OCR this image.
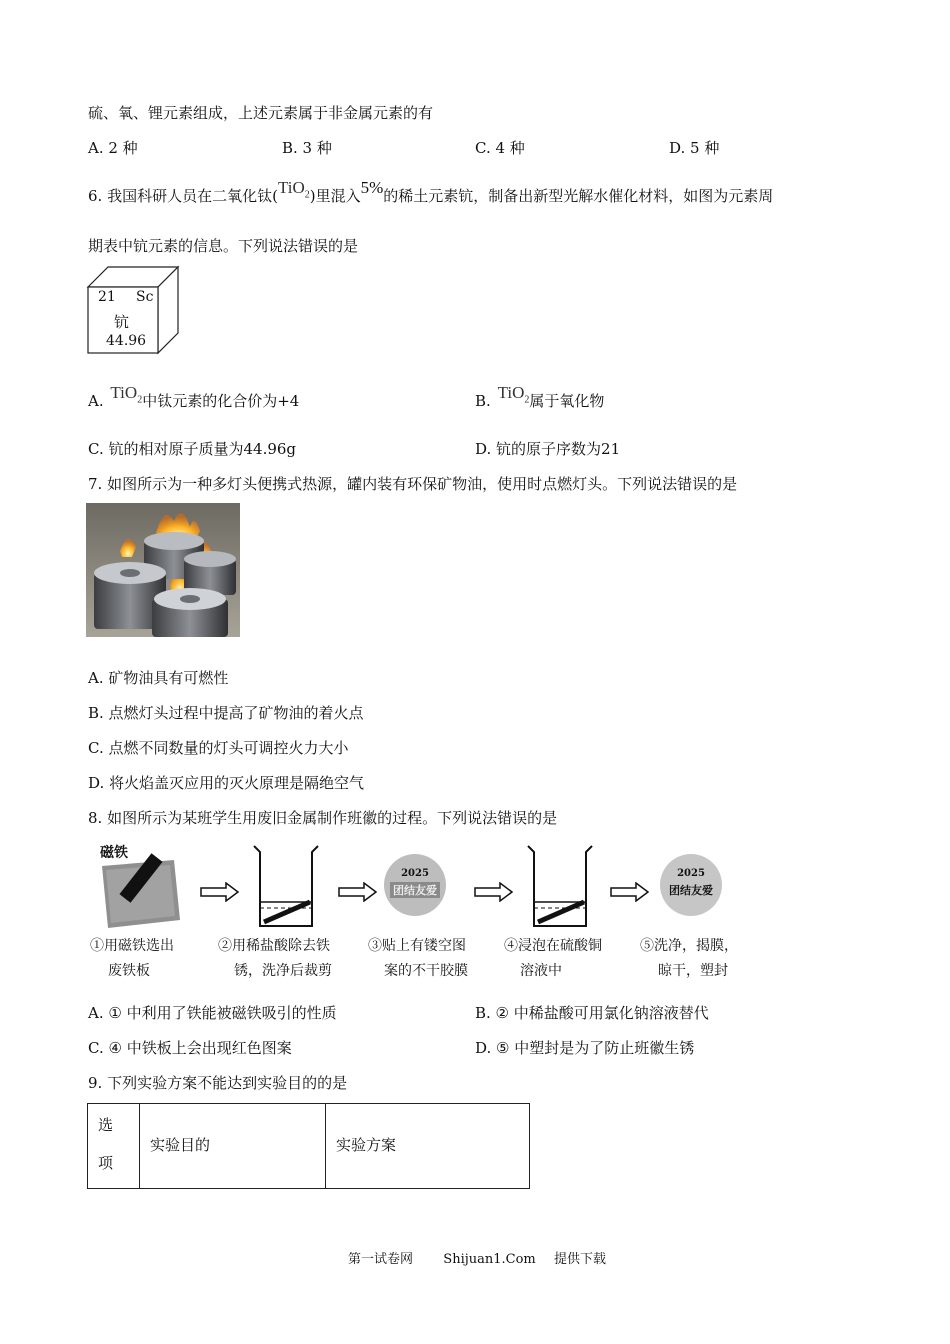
硫、氧、锂元素组成，上述元素属于非金属元素的有
A. 2 种	B. 3 种	C. 4 种	D. 5 种
6. 我国科研人员在二氧化钛(TiO$_2$)里混入5%的稀土元素钪，制备出新型光解水催化材料，如图为元素周
期表中钪元素的信息。下列说法错误的是
21 Sc
钪
44.96
A. TiO$_2$中钛元素的化合价为+4	B. TiO$_2$属于氧化物
C. 钪的相对原子质量为44.96g	D. 钪的原子序数为21
7. 如图所示为一种多灯头便携式热源，罐内装有环保矿物油，使用时点燃灯头。下列说法错误的是
A. 矿物油具有可燃性
B. 点燃灯头过程中提高了矿物油的着火点
C. 点燃不同数量的灯头可调控火力大小
D. 将火焰盖灭应用的灭火原理是隔绝空气
8. 如图所示为某班学生用废旧金属制作班徽的过程。下列说法错误的是
磁铁
2025
团结友爱
2025
团结友爱
①用磁铁选出
废铁板
②用稀盐酸除去铁
锈，洗净后裁剪
③贴上有镂空图
案的不干胶膜
④浸泡在硫酸铜
溶液中
⑤洗净，揭膜，
晾干，塑封
A. ① 中利用了铁能被磁铁吸引的性质	B. ② 中稀盐酸可用氯化钠溶液替代
C. ④ 中铁板上会出现红色图案	D. ⑤ 中塑封是为了防止班徽生锈
9. 下列实验方案不能达到实验目的的是
选
项
实验目的	实验方案
第一试卷网 Shijuan1.Com 提供下载
